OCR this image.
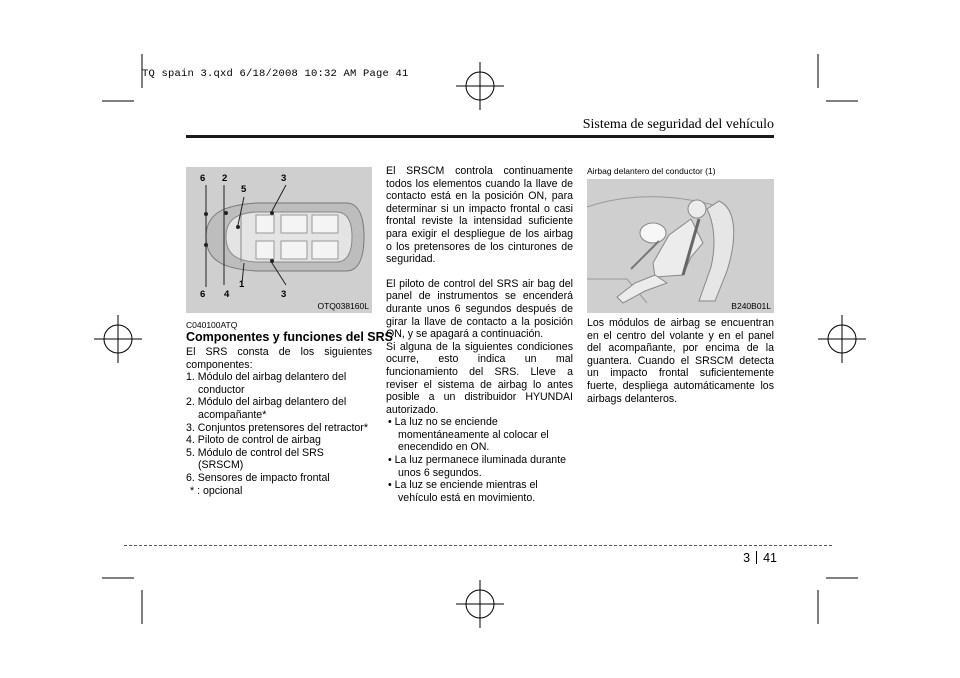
TQ spain 3.qxd 6/18/2008 10:32 AM Page 41
Sistema de seguridad del vehículo
6 2
5
3
1
6 4	3
OTQ038160L
C040100ATQ
Componentes y funciones del SRS

El SRS consta de los siguientes componentes:

1. Módulo del airbag delantero del conductor
2. Módulo del airbag delantero del acompañante*
3. Conjuntos pretensores del retractor*
4. Piloto de control de airbag
5. Módulo de control del SRS (SRSCM)
6. Sensores de impacto frontal

* : opcional

El SRSCM controla continuamente todos los elementos cuando la llave de contacto está en la posición ON, para determinar si un impacto frontal o casi frontal reviste la intensidad suficiente para exigir el despliegue de los airbag o los pretensores de los cinturones de seguridad.

El piloto de control del SRS air bag del panel de instrumentos se encenderá durante unos 6 segundos después de girar la llave de contacto a la posición ON, y se apagará a continuación.

Si alguna de la siguientes condiciones ocurre, esto indica un mal funcionamiento del SRS. Lleve a reviser el sistema de airbag lo antes posible a un distribuidor HYUNDAI autorizado.

• La luz no se enciende momentáneamente al colocar el enecendido en ON.
• La luz permanece iluminada durante unos 6 segundos.
• La luz se enciende mientras el vehículo está en movimiento.
Airbag delantero del conductor (1)
B240B01L

Los módulos de airbag se encuentran en el centro del volante y en el panel del acompañante, por encima de la guantera. Cuando el SRSCM detecta un impacto frontal suficientemente fuerte, despliega automáticamente los airbags delanteros.

3 41
